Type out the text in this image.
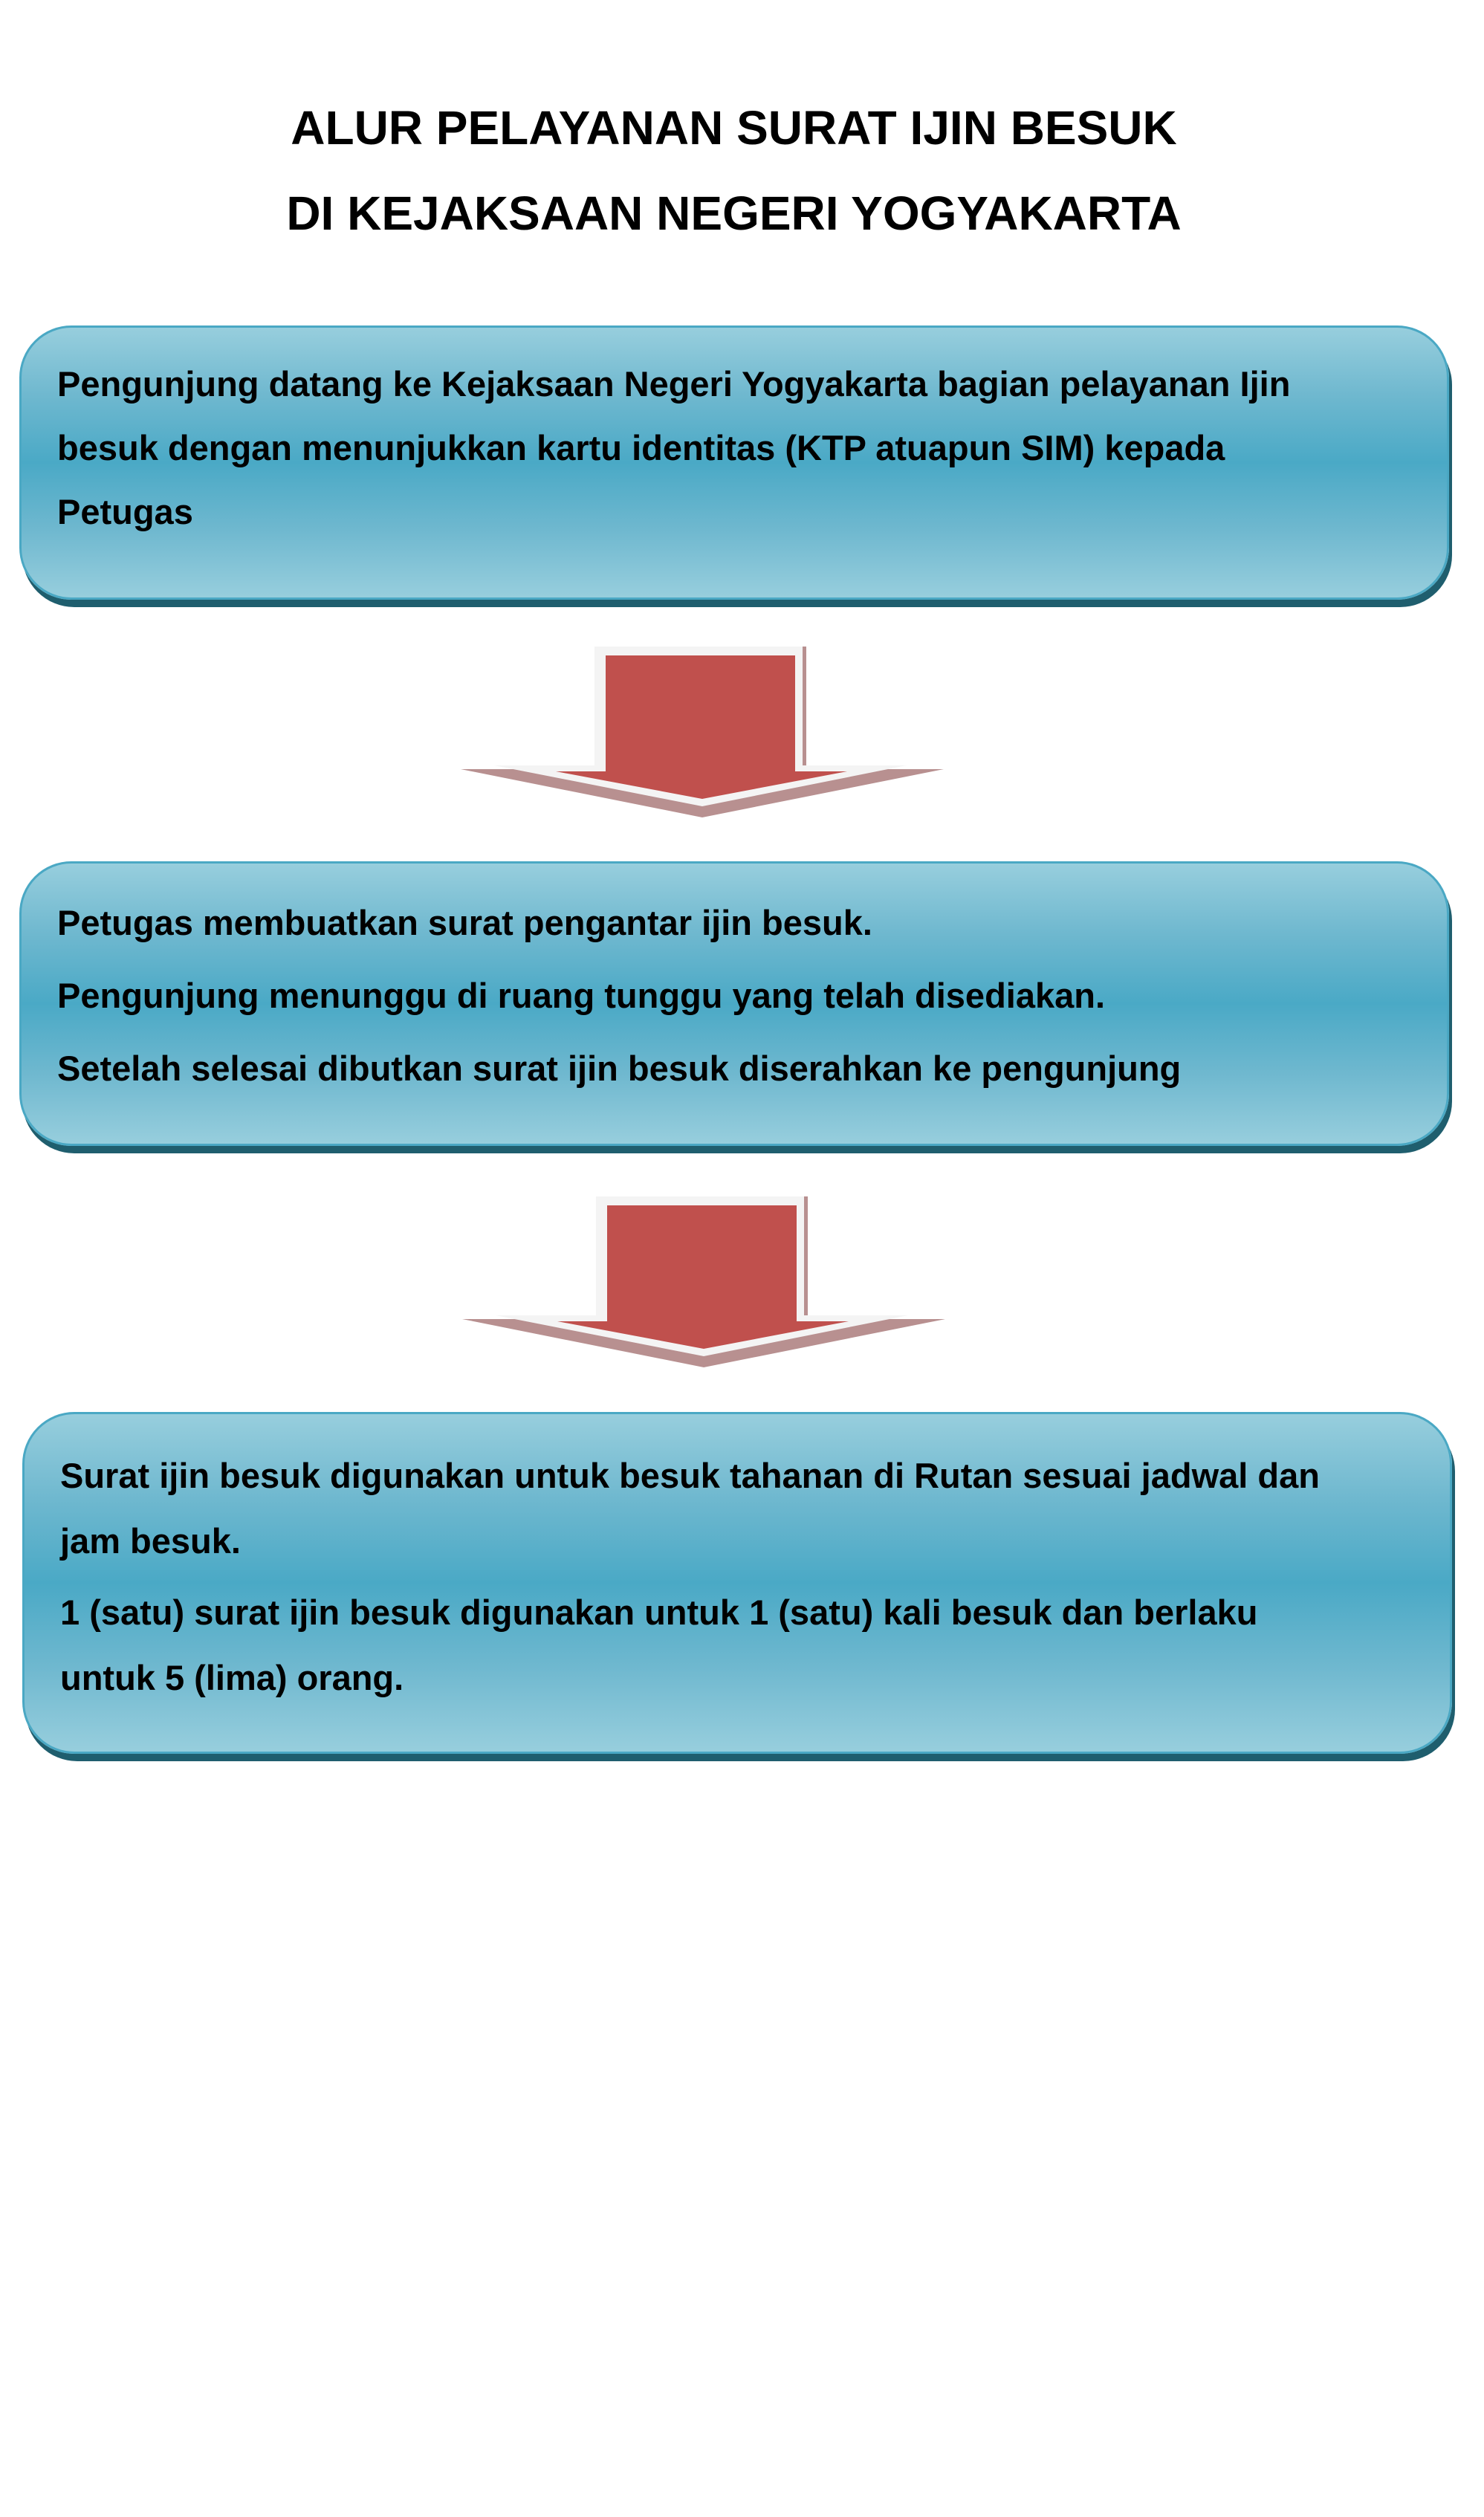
ALUR PELAYANAN SURAT IJIN BESUK
DI KEJAKSAAN NEGERI YOGYAKARTA
Pengunjung datang ke Kejaksaan Negeri Yogyakarta bagian pelayanan Ijin
besuk dengan menunjukkan kartu identitas (KTP atuapun SIM) kepada
Petugas
Petugas membuatkan surat pengantar ijin besuk.
Pengunjung menunggu di ruang tunggu yang telah disediakan.
Setelah selesai dibutkan surat ijin besuk diserahkan ke pengunjung
Surat ijin besuk digunakan untuk besuk tahanan di Rutan sesuai jadwal dan
jam besuk.
1 (satu) surat ijin besuk digunakan untuk 1 (satu) kali besuk dan berlaku
untuk 5 (lima) orang.
